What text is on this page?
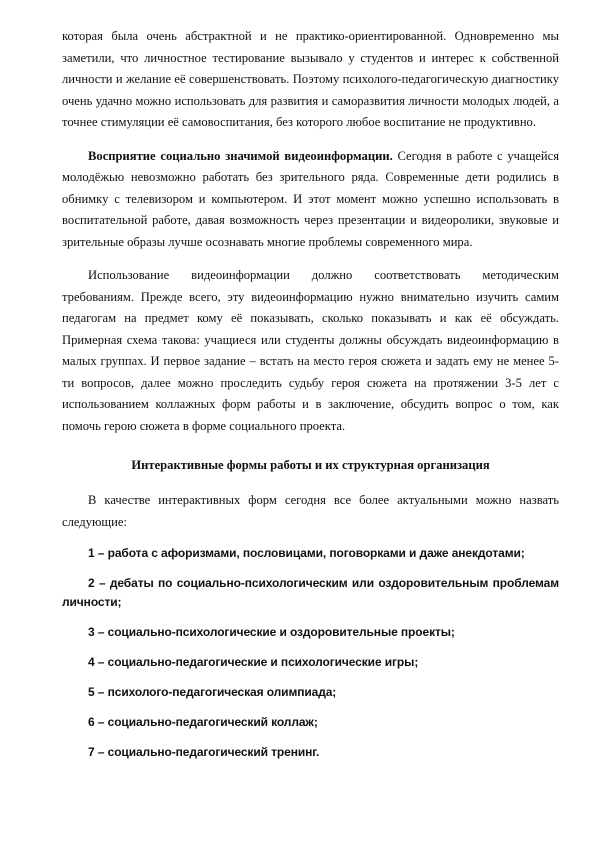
которая была очень абстрактной и не практико-ориентированной. Одновременно мы заметили, что личностное тестирование вызывало у студентов и интерес к собственной личности и желание её совершенствовать. Поэтому психолого-педагогическую диагностику очень удачно можно использовать для развития и саморазвития личности молодых людей, а точнее стимуляции её самовоспитания, без которого любое воспитание не продуктивно.

Восприятие социально значимой видеоинформации. Сегодня в работе с учащейся молодёжью невозможно работать без зрительного ряда. Современные дети родились в обнимку с телевизором и компьютером. И этот момент можно успешно использовать в воспитательной работе, давая возможность через презентации и видеоролики, звуковые и зрительные образы лучше осознавать многие проблемы современного мира.

Использование видеоинформации должно соответствовать методическим требованиям. Прежде всего, эту видеоинформацию нужно внимательно изучить самим педагогам на предмет кому её показывать, сколько показывать и как её обсуждать. Примерная схема такова: учащиеся или студенты должны обсуждать видеоинформацию в малых группах. И первое задание – встать на место героя сюжета и задать ему не менее 5-ти вопросов, далее можно проследить судьбу героя сюжета на протяжении 3-5 лет с использованием коллажных форм работы и в заключение, обсудить вопрос о том, как помочь герою сюжета в форме социального проекта.

Интерактивные формы работы и их структурная организация

В качестве интерактивных форм сегодня все более актуальными можно назвать следующие:

1 – работа с афоризмами, пословицами, поговорками и даже анекдотами;
2 – дебаты по социально-психологическим или оздоровительным проблемам личности;
3 – социально-психологические и оздоровительные проекты;
4 – социально-педагогические и психологические игры;
5 – психолого-педагогическая олимпиада;
6 – социально-педагогический коллаж;
7 – социально-педагогический тренинг.
